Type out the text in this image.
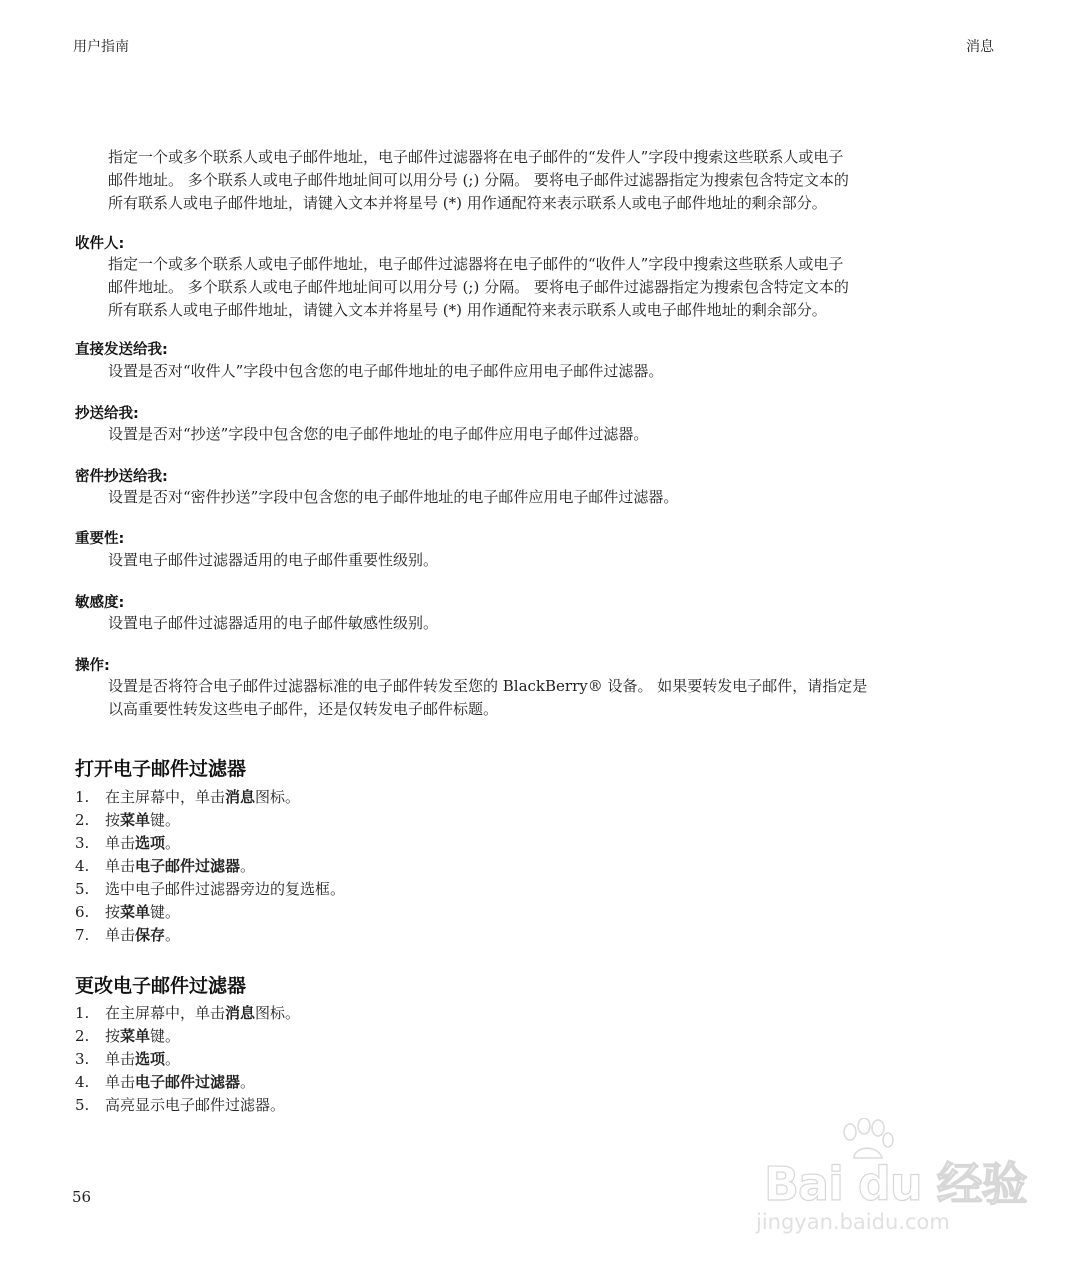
用户指南	消息
指定一个或多个联系人或电子邮件地址，电子邮件过滤器将在电子邮件的“发件人”字段中搜索这些联系人或电子
邮件地址。 多个联系人或电子邮件地址间可以用分号 (;) 分隔。 要将电子邮件过滤器指定为搜索包含特定文本的
所有联系人或电子邮件地址，请键入文本并将星号 (*) 用作通配符来表示联系人或电子邮件地址的剩余部分。
收件人:
指定一个或多个联系人或电子邮件地址，电子邮件过滤器将在电子邮件的“收件人”字段中搜索这些联系人或电子
邮件地址。 多个联系人或电子邮件地址间可以用分号 (;) 分隔。 要将电子邮件过滤器指定为搜索包含特定文本的
所有联系人或电子邮件地址，请键入文本并将星号 (*) 用作通配符来表示联系人或电子邮件地址的剩余部分。
直接发送给我:
设置是否对“收件人”字段中包含您的电子邮件地址的电子邮件应用电子邮件过滤器。
抄送给我:
设置是否对“抄送”字段中包含您的电子邮件地址的电子邮件应用电子邮件过滤器。
密件抄送给我:
设置是否对“密件抄送”字段中包含您的电子邮件地址的电子邮件应用电子邮件过滤器。
重要性:
设置电子邮件过滤器适用的电子邮件重要性级别。
敏感度:
设置电子邮件过滤器适用的电子邮件敏感性级别。
操作:
设置是否将符合电子邮件过滤器标准的电子邮件转发至您的 BlackBerry® 设备。 如果要转发电子邮件，请指定是
以高重要性转发这些电子邮件，还是仅转发电子邮件标题。
打开电子邮件过滤器
1. 在主屏幕中，单击消息图标。
2. 按菜单键。
3. 单击选项。
4. 单击电子邮件过滤器。
5. 选中电子邮件过滤器旁边的复选框。
6. 按菜单键。
7. 单击保存。
更改电子邮件过滤器
1. 在主屏幕中，单击消息图标。
2. 按菜单键。
3. 单击选项。
4. 单击电子邮件过滤器。
5. 高亮显示电子邮件过滤器。
56	Bai du 经验
jingyan.baidu.com
